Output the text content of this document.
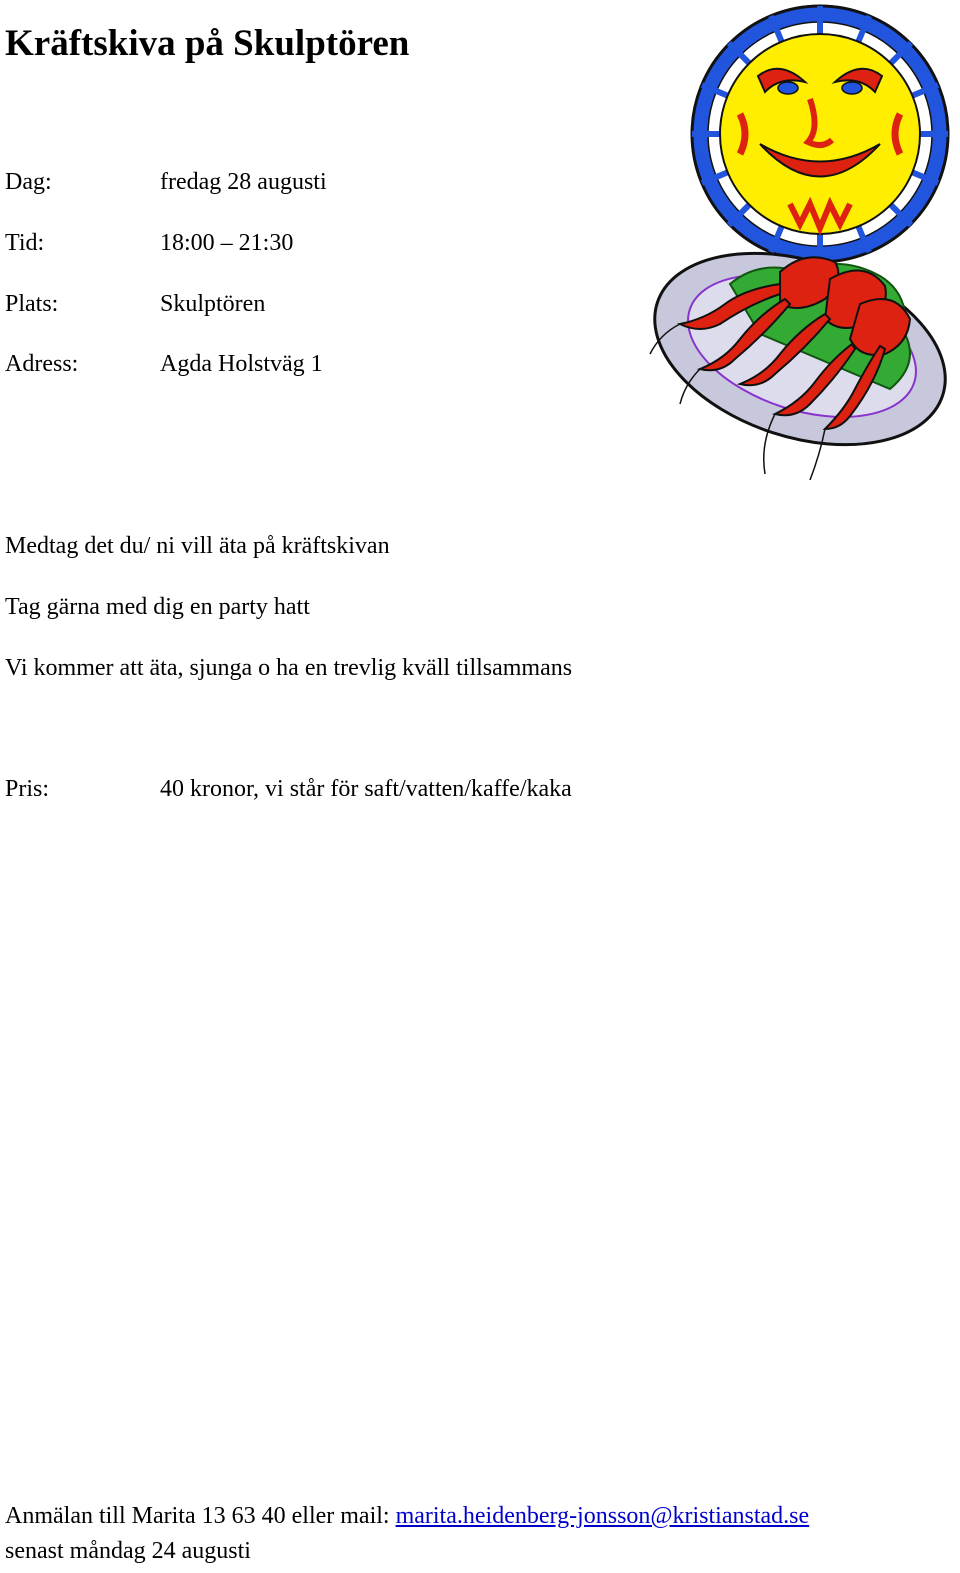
Kräftskiva på Skulptören
Dag:	fredag 28 augusti
Tid:	18:00 – 21:30
Plats:	Skulptören
Adress:	Agda Holstväg 1
Medtag det du/ ni vill äta på kräftskivan
Tag gärna med dig en party hatt
Vi kommer att äta, sjunga o ha en trevlig kväll tillsammans
Pris:	40 kronor, vi står för saft/vatten/kaffe/kaka
Anmälan till Marita 13 63 40 eller mail: marita.heidenberg-jonsson@kristianstad.se
senast måndag 24 augusti
